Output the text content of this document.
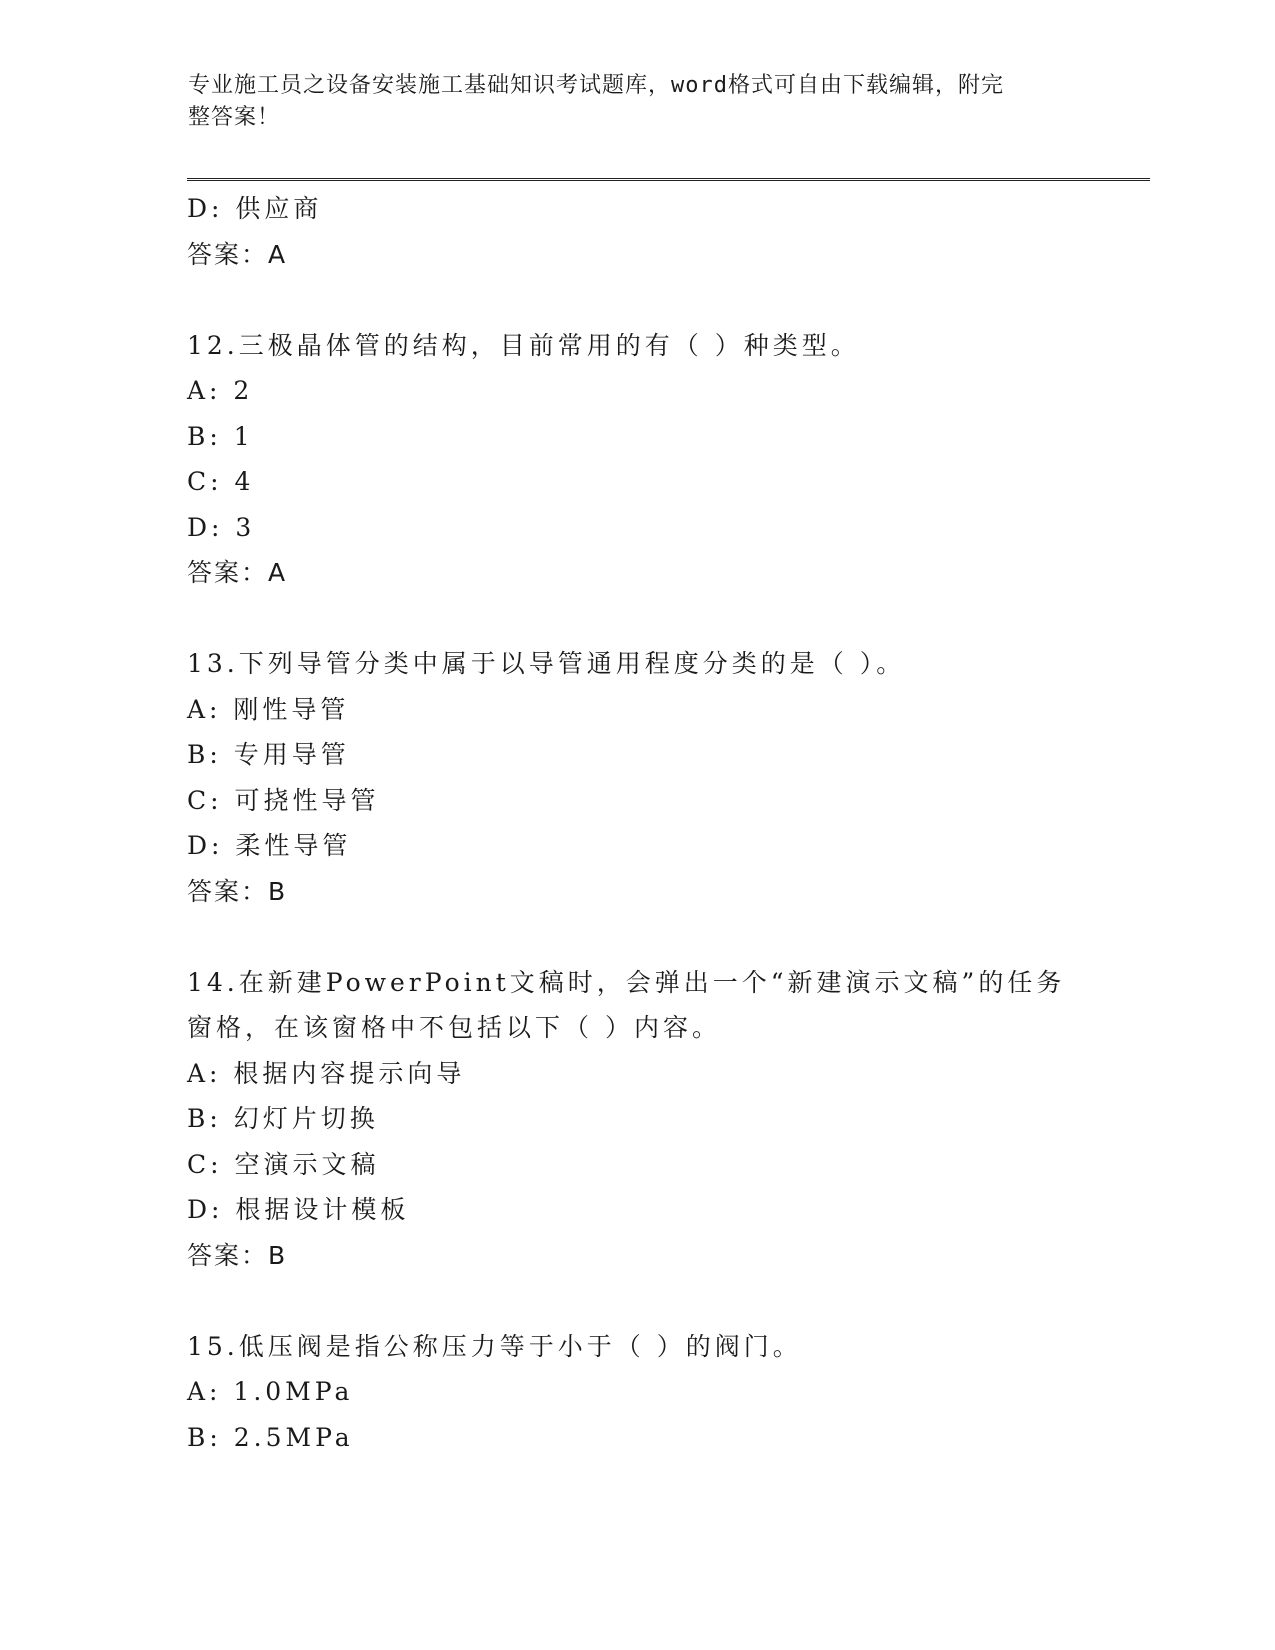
专业施工员之设备安装施工基础知识考试题库，word格式可自由下载编辑，附完
整答案！
D: 供应商
答案：A
12.三极晶体管的结构，目前常用的有（ ）种类型。
A: 2
B: 1
C: 4
D: 3
答案：A
13.下列导管分类中属于以导管通用程度分类的是（ ）。
A: 刚性导管
B: 专用导管
C: 可挠性导管
D: 柔性导管
答案：B
14.在新建PowerPoint文稿时，会弹出一个“新建演示文稿”的任务
窗格，在该窗格中不包括以下（ ）内容。
A: 根据内容提示向导
B: 幻灯片切换
C: 空演示文稿
D: 根据设计模板
答案：B
15.低压阀是指公称压力等于小于（ ）的阀门。
A: 1.0MPa
B: 2.5MPa
